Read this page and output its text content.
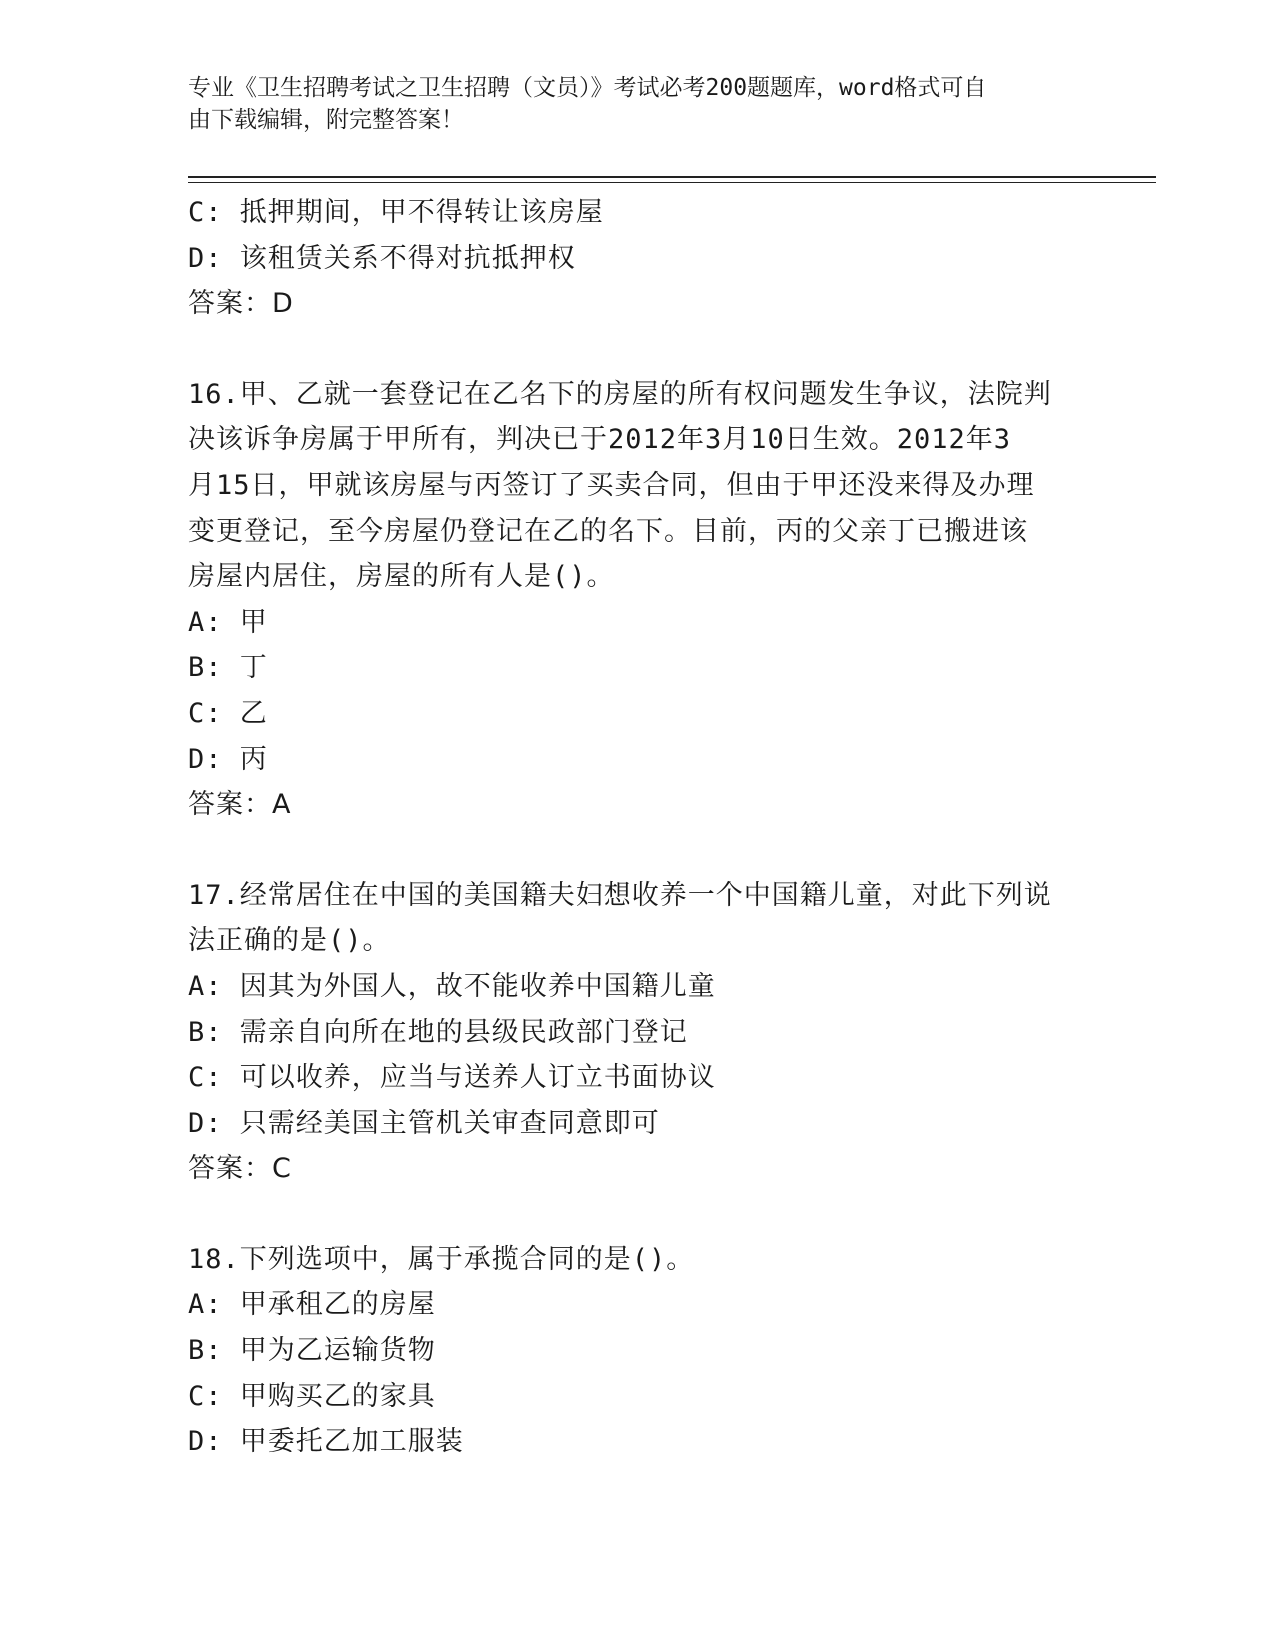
专业《卫生招聘考试之卫生招聘（文员）》考试必考200题题库，word格式可自
由下载编辑，附完整答案！
C: 抵押期间，甲不得转让该房屋
D: 该租赁关系不得对抗抵押权
答案：D
16.甲、乙就一套登记在乙名下的房屋的所有权问题发生争议，法院判
决该诉争房属于甲所有，判决已于2012年3月10日生效。2012年3
月15日，甲就该房屋与丙签订了买卖合同，但由于甲还没来得及办理
变更登记，至今房屋仍登记在乙的名下。目前，丙的父亲丁已搬进该
房屋内居住，房屋的所有人是()。
A: 甲
B: 丁
C: 乙
D: 丙
答案：A
17.经常居住在中国的美国籍夫妇想收养一个中国籍儿童，对此下列说
法正确的是()。
A: 因其为外国人，故不能收养中国籍儿童
B: 需亲自向所在地的县级民政部门登记
C: 可以收养，应当与送养人订立书面协议
D: 只需经美国主管机关审查同意即可
答案：C
18.下列选项中，属于承揽合同的是()。
A: 甲承租乙的房屋
B: 甲为乙运输货物
C: 甲购买乙的家具
D: 甲委托乙加工服装
